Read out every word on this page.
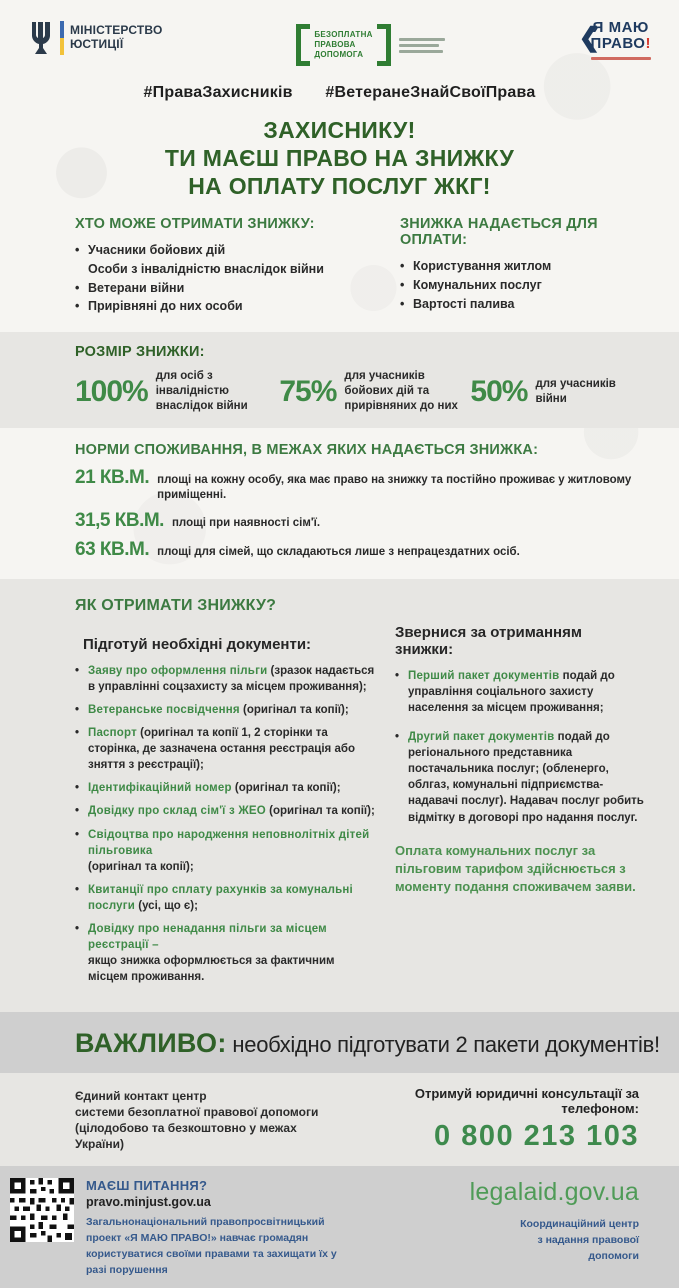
МІНІСТЕРСТВО
ЮСТИЦІЇ
БЕЗОПЛАТНА
ПРАВОВА
ДОПОМОГА
❮
Я МАЮ
ПРАВО!
#ПраваЗахисників #ВетеранеЗнайСвоїПрава
ЗАХИСНИКУ!
ТИ МАЄШ ПРАВО НА ЗНИЖКУ
НА ОПЛАТУ ПОСЛУГ ЖКГ!
ХТО МОЖЕ ОТРИМАТИ ЗНИЖКУ:
• Учасники бойових дій
Особи з інвалідністю внаслідок війни
• Ветерани війни
• Прирівняні до них особи
ЗНИЖКА НАДАЄТЬСЯ ДЛЯ ОПЛАТИ:
• Користування житлом
• Комунальних послуг
• Вартості палива
РОЗМІР ЗНИЖКИ:
100% для осіб з інвалідністю внаслідок війни	75% для учасників бойових дій та прирівняних до них 50% для учасників війни
НОРМИ СПОЖИВАННЯ, В МЕЖАХ ЯКИХ НАДАЄТЬСЯ ЗНИЖКА:
21 КВ.М. площі на кожну особу, яка має право на знижку та постійно проживає у житловому приміщенні.
31,5 КВ.М. площі при наявності сім'ї.
63 КВ.М. площі для сімей, що складаються лише з непрацездатних осіб.
ЯК ОТРИМАТИ ЗНИЖКУ?
Підготуй необхідні документи:
• Заяву про оформлення пільги (зразок надається в управлінні соцзахисту за місцем проживання);
• Ветеранське посвідчення (оригінал та копії);
• Паспорт (оригінал та копії 1, 2 сторінки та сторінка, де зазначена остання реєстрація або зняття з реєстрації);
• Ідентифікаційний номер (оригінал та копії);
• Довідку про склад сім'ї з ЖЕО (оригінал та копії);
• Свідоцтва про народження неповнолітніх дітей пільговика
(оригінал та копії);
• Квитанції про сплату рахунків за комунальні послуги (усі, що є);
• Довідку про ненадання пільги за місцем реєстрації –
якщо знижка оформлюється за фактичним місцем проживання.
Звернися за отриманням знижки:
• Перший пакет документів подай до управління соціального захисту населення за місцем проживання;
• Другий пакет документів подай до регіонального представника постачальника послуг; (обленерго, облгаз, комунальні підприємства-надавачі послуг). Надавач послуг робить відмітку в договорі про надання послуг.
Оплата комунальних послуг за пільговим тарифом здійснюється з моменту подання споживачем заяви.
ВАЖЛИВО: необхідно підготувати 2 пакети документів!
Єдиний контакт центр
системи безоплатної правової допомоги
(цілодобово та безкоштовно у межах України)
Отримуй юридичні консультації за телефоном:
0 800 213 103
МАЄШ ПИТАННЯ?
pravo.minjust.gov.ua
Загальнонаціональний правопросвітницький проект «Я МАЮ ПРАВО!» навчає громадян користуватися своїми правами та захищати їх у разі порушення
legalaid.gov.ua
Координаційний центр
з надання правової
допомоги
